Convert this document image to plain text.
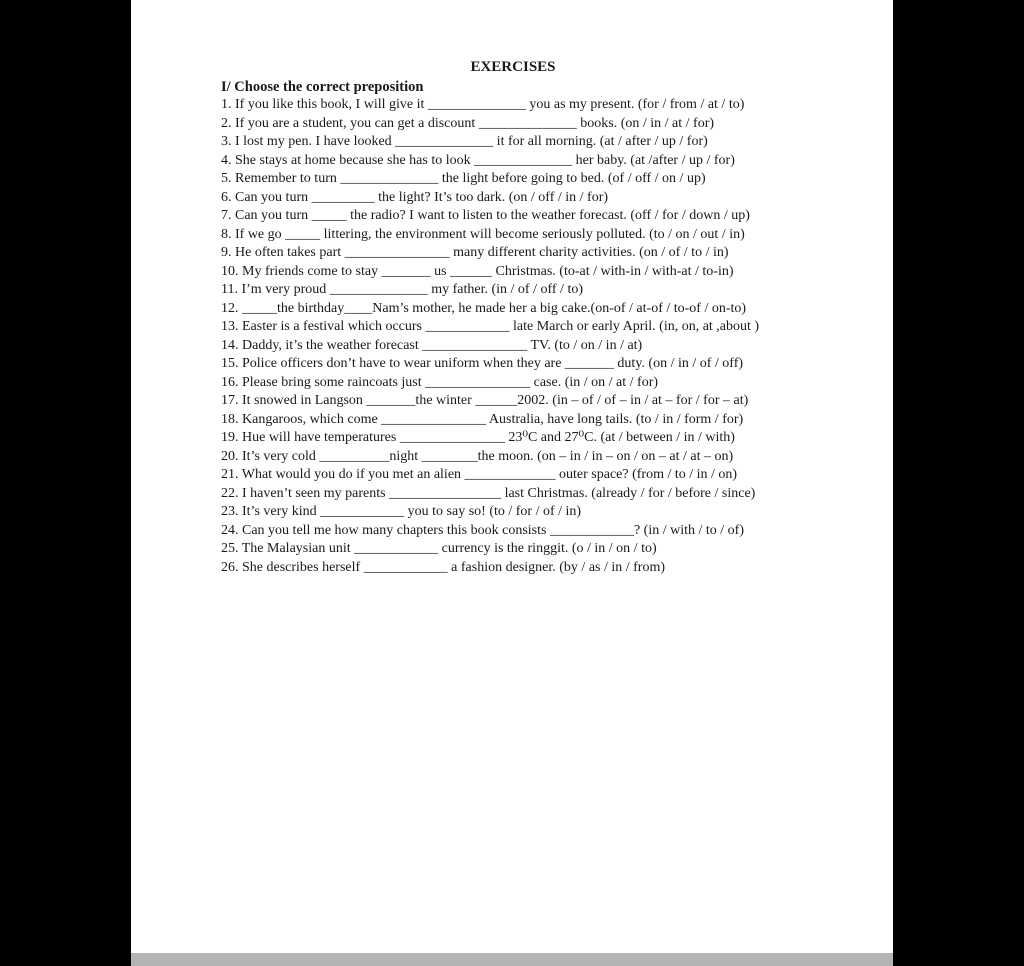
EXERCISES
I/ Choose the correct preposition

1. If you like this book, I will give it ______________ you as my present. (for / from / at / to)

2. If you are a student, you can get a discount ______________ books. (on / in / at / for)

3. I lost my pen. I have looked ______________ it for all morning. (at / after / up / for)

4. She stays at home because she has to look ______________ her baby. (at /after / up / for)

5. Remember to turn ______________ the light before going to bed. (of / off / on / up)

6. Can you turn _________ the light? It’s too dark. (on / off / in / for)

7. Can you turn _____ the radio? I want to listen to the weather forecast. (off / for / down / up)

8. If we go _____ littering, the environment will become seriously polluted. (to / on / out / in)

9. He often takes part _______________ many different charity activities. (on / of / to / in)

10. My friends come to stay _______ us ______ Christmas. (to-at / with-in / with-at / to-in)

11. I’m very proud ______________ my father. (in / of / off / to)

12. _____the birthday____Nam’s mother, he made her a big cake.(on-of / at-of / to-of / on-to)

13. Easter is a festival which occurs ____________ late March or early April. (in, on, at ,about )

14. Daddy, it’s the weather forecast _______________ TV. (to / on / in / at)

15. Police officers don’t have to wear uniform when they are _______ duty. (on / in / of / off)

16. Please bring some raincoats just _______________ case. (in / on / at / for)

17. It snowed in Langson _______the winter ______2002. (in – of / of – in / at – for / for – at)

18. Kangaroos, which come _______________ Australia, have long tails. (to / in / form / for)

19. Hue will have temperatures _______________ 23⁰C and 27⁰C. (at / between / in / with)

20. It’s very cold __________night ________the moon. (on – in / in – on / on – at / at – on)

21. What would you do if you met an alien _____________ outer space? (from / to / in / on)

22. I haven’t seen my parents ________________ last Christmas. (already / for / before / since)

23. It’s very kind ____________ you to say so! (to / for / of / in)

24. Can you tell me how many chapters this book consists ____________? (in / with / to / of)

25. The Malaysian unit ____________ currency is the ringgit. (o / in / on / to)

26. She describes herself ____________ a fashion designer. (by / as / in / from)
